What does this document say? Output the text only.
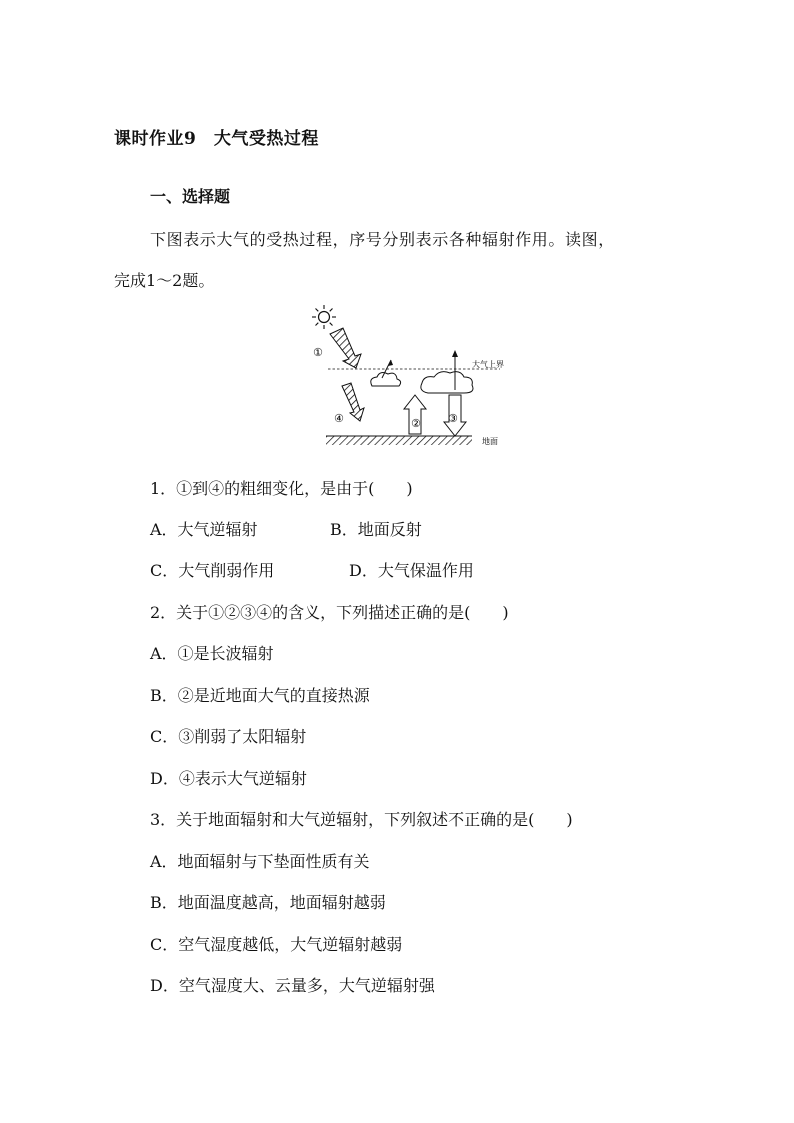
课时作业9　大气受热过程
一、选择题
下图表示大气的受热过程，序号分别表示各种辐射作用。读图，
完成1～2题。
①
大气上界
④	② ③
地面
1．①到④的粗细变化，是由于(　　)
A．大气逆辐射	B．地面反射
C．大气削弱作用	D．大气保温作用
2．关于①②③④的含义，下列描述正确的是(　　)
A．①是长波辐射
B．②是近地面大气的直接热源
C．③削弱了太阳辐射
D．④表示大气逆辐射
3．关于地面辐射和大气逆辐射，下列叙述不正确的是(　　)
A．地面辐射与下垫面性质有关
B．地面温度越高，地面辐射越弱
C．空气湿度越低，大气逆辐射越弱
D．空气湿度大、云量多，大气逆辐射强
